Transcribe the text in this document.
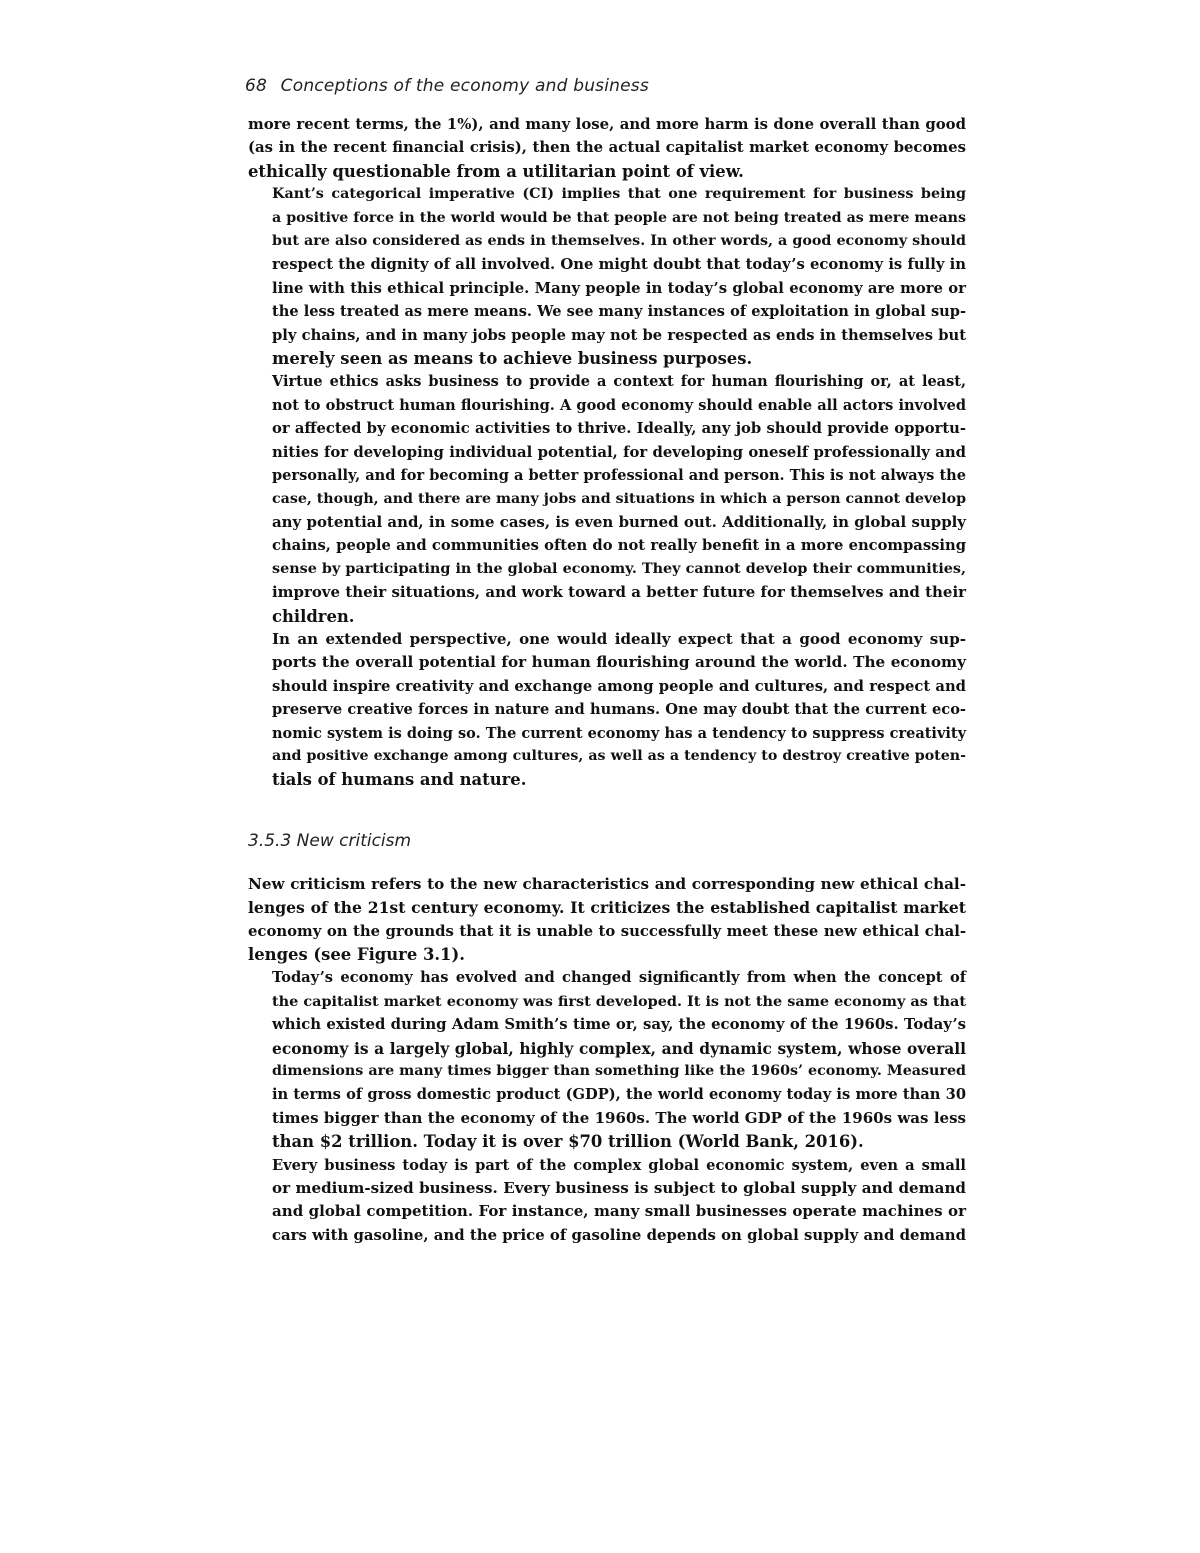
68 Conceptions of the economy and business

more recent terms, the 1%), and many lose, and more harm is done overall than good
(as in the recent financial crisis), then the actual capitalist market economy becomes
ethically questionable from a utilitarian point of view.

Kant’s categorical imperative (CI) implies that one requirement for business being
a positive force in the world would be that people are not being treated as mere means
but are also considered as ends in themselves. In other words, a good economy should
respect the dignity of all involved. One might doubt that today’s economy is fully in
line with this ethical principle. Many people in today’s global economy are more or
the less treated as mere means. We see many instances of exploitation in global sup-
ply chains, and in many jobs people may not be respected as ends in themselves but
merely seen as means to achieve business purposes.

Virtue ethics asks business to provide a context for human flourishing or, at least,
not to obstruct human flourishing. A good economy should enable all actors involved
or affected by economic activities to thrive. Ideally, any job should provide opportu-
nities for developing individual potential, for developing oneself professionally and
personally, and for becoming a better professional and person. This is not always the
case, though, and there are many jobs and situations in which a person cannot develop
any potential and, in some cases, is even burned out. Additionally, in global supply
chains, people and communities often do not really benefit in a more encompassing
sense by participating in the global economy. They cannot develop their communities,
improve their situations, and work toward a better future for themselves and their
children.

In an extended perspective, one would ideally expect that a good economy sup-
ports the overall potential for human flourishing around the world. The economy
should inspire creativity and exchange among people and cultures, and respect and
preserve creative forces in nature and humans. One may doubt that the current eco-
nomic system is doing so. The current economy has a tendency to suppress creativity
and positive exchange among cultures, as well as a tendency to destroy creative poten-
tials of humans and nature.

3.5.3 New criticism

New criticism refers to the new characteristics and corresponding new ethical chal-
lenges of the 21st century economy. It criticizes the established capitalist market
economy on the grounds that it is unable to successfully meet these new ethical chal-
lenges (see Figure 3.1).

Today’s economy has evolved and changed significantly from when the concept of
the capitalist market economy was first developed. It is not the same economy as that
which existed during Adam Smith’s time or, say, the economy of the 1960s. Today’s
economy is a largely global, highly complex, and dynamic system, whose overall
dimensions are many times bigger than something like the 1960s’ economy. Measured
in terms of gross domestic product (GDP), the world economy today is more than 30
times bigger than the economy of the 1960s. The world GDP of the 1960s was less
than $2 trillion. Today it is over $70 trillion (World Bank, 2016).

Every business today is part of the complex global economic system, even a small
or medium-sized business. Every business is subject to global supply and demand
and global competition. For instance, many small businesses operate machines or
cars with gasoline, and the price of gasoline depends on global supply and demand
